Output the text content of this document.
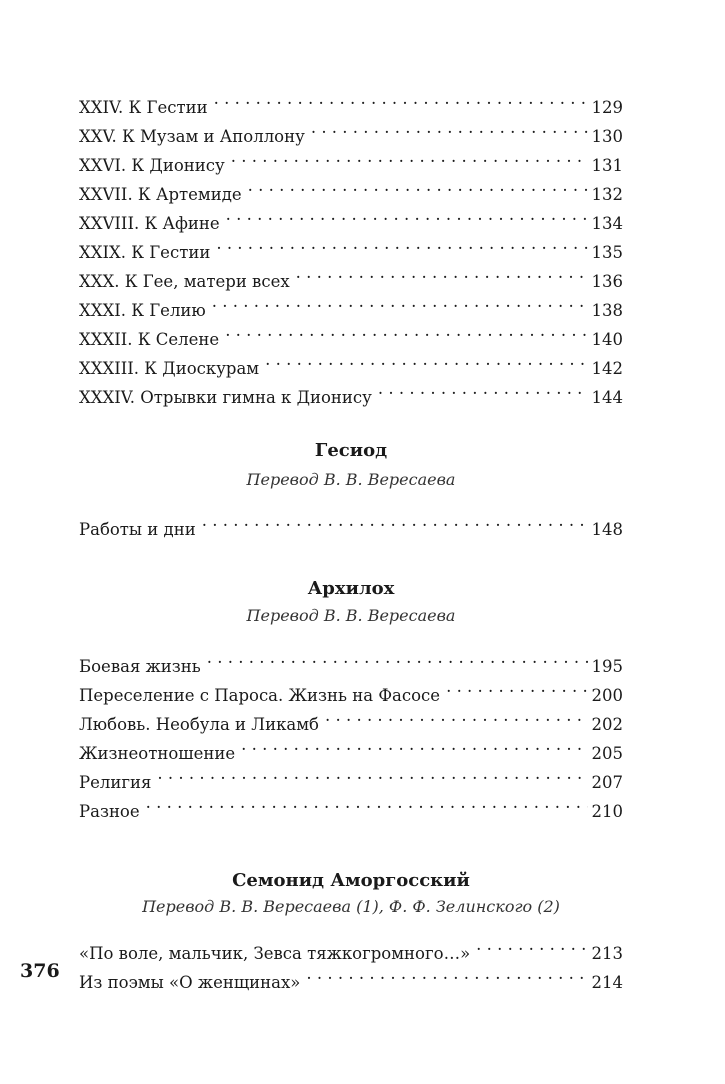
XXIV. К Гестии . . .	129
XXV. К Музам и Аполлону . . .	130
XXVI. К Дионису . . .	131
XXVII. К Артемиде . . .	132
XXVIII. К Афине . . .	134
XXIX. К Гестии . . .	135
XXX. К Гее, матери всех . . .	136
XXXI. К Гелию . . .	138
XXXII. К Селене . . .	140
XXXIII. К Диоскурам . . .	142
XXXIV. Отрывки гимна к Дионису . . .	144
Гесиод
Перевод В. В. Вересаева
Работы и дни . . .	148
Архилох
Перевод В. В. Вересаева
Боевая жизнь . . .	195
Переселение с Пароса. Жизнь на Фасосе . . .	200
Любовь. Необула и Ликамб . . .	202
Жизнеотношение . . .	205
Религия . . .	207
Разное . . .	210
Семонид Аморгосский
Перевод В. В. Вересаева (1), Ф. Ф. Зелинского (2)
«По воле, мальчик, Зевса тяжкогромного…» . . .	213
Из поэмы «О женщинах» . . .	214
376
